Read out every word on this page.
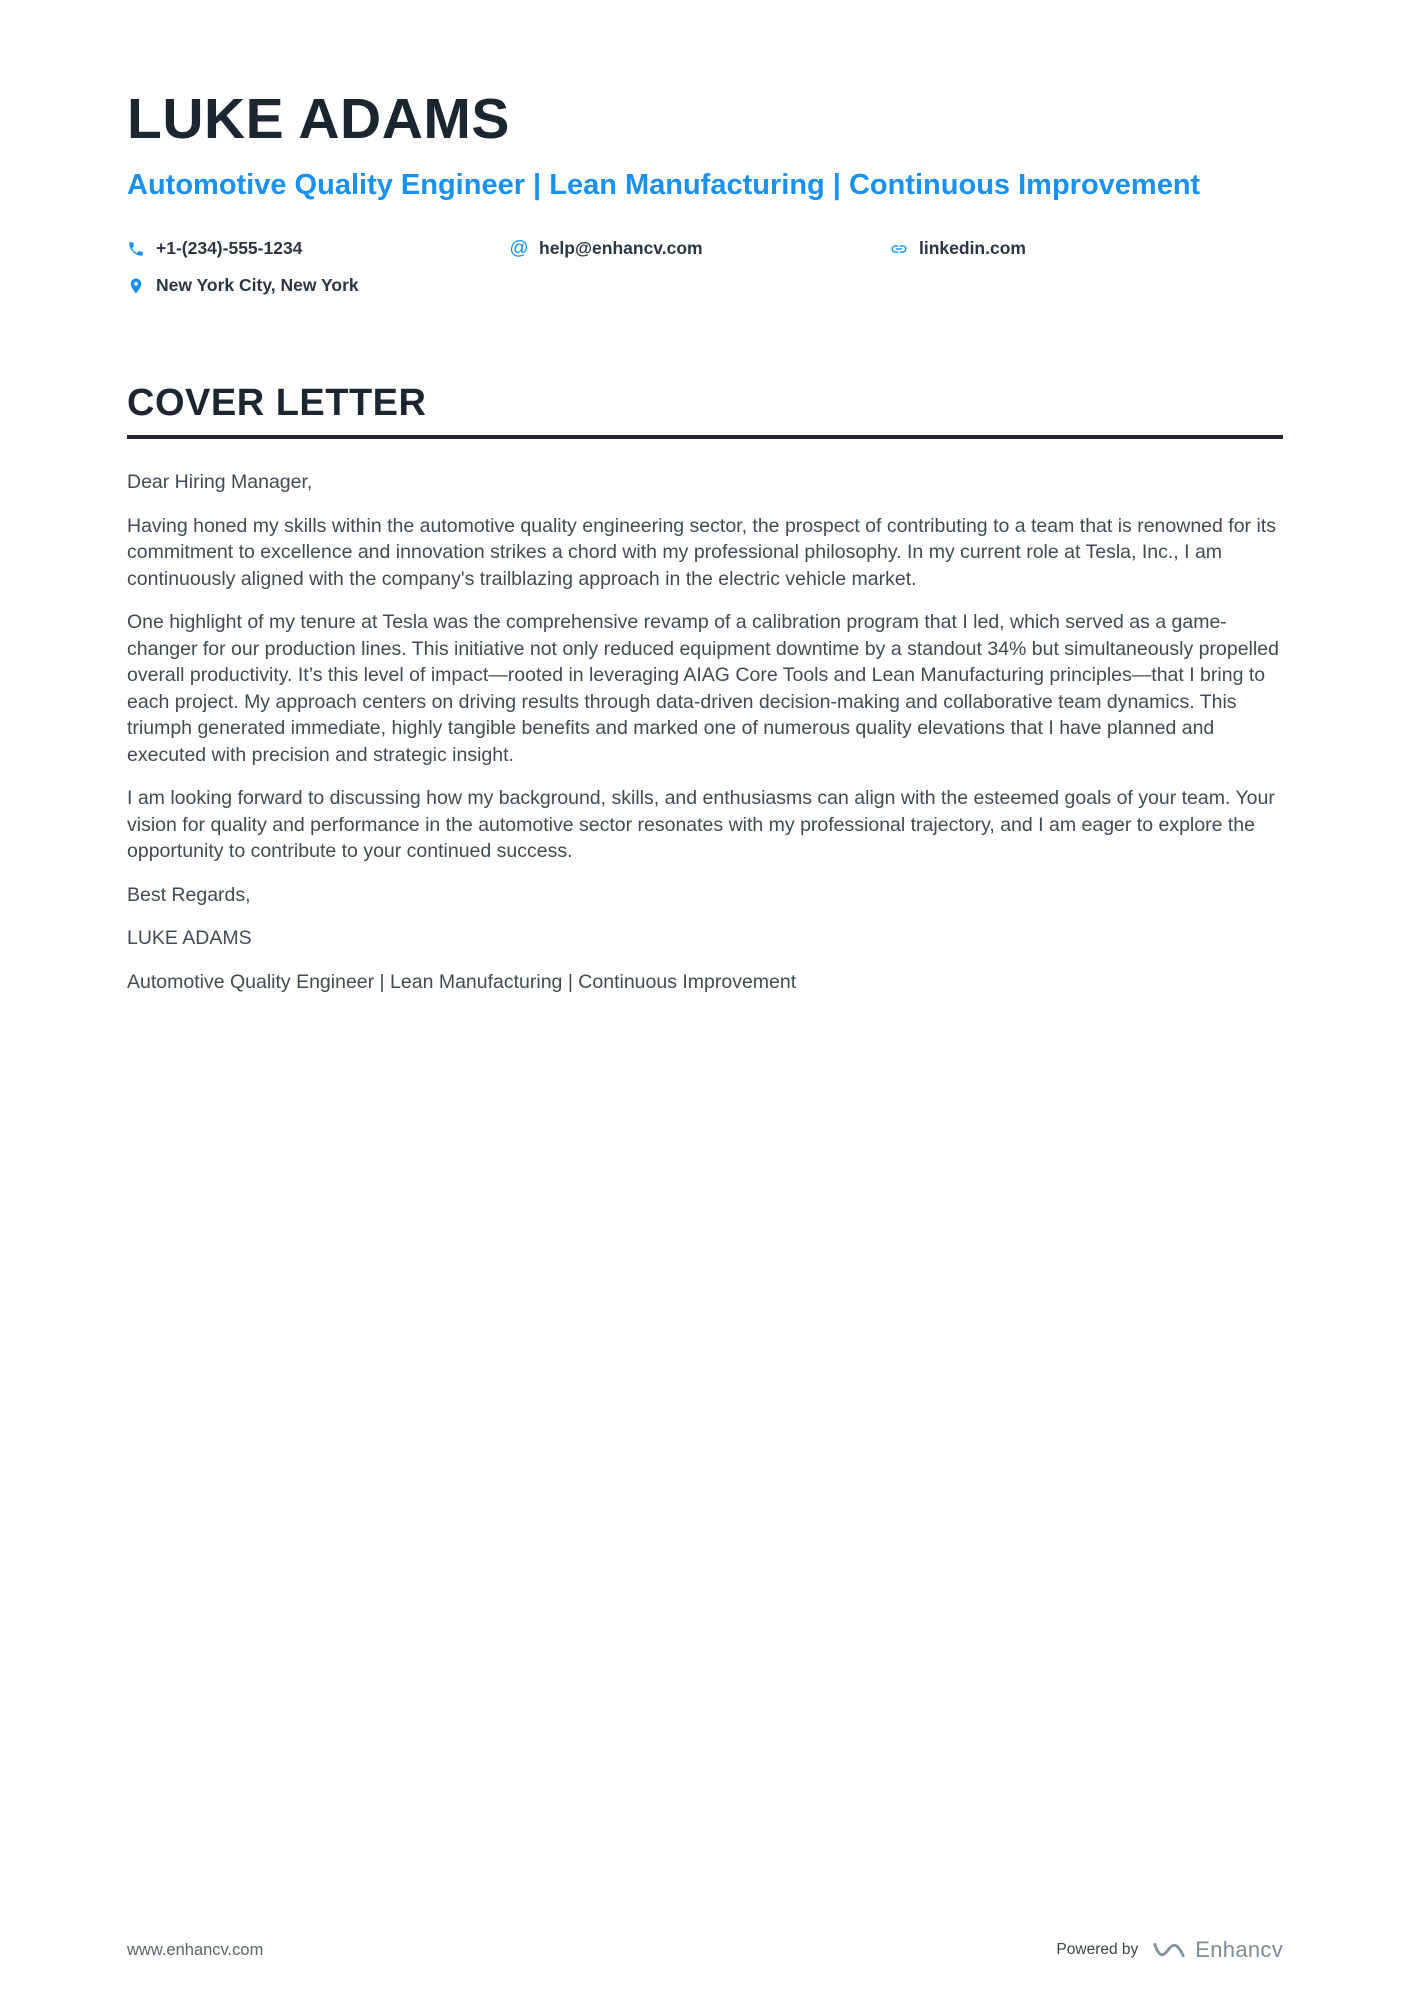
LUKE ADAMS
Automotive Quality Engineer | Lean Manufacturing | Continuous Improvement
+1-(234)-555-1234	@ help@enhancv.com	linkedin.com
New York City, New York
COVER LETTER

Dear Hiring Manager,

Having honed my skills within the automotive quality engineering sector, the prospect of contributing to a team that is renowned for its commitment to excellence and innovation strikes a chord with my professional philosophy. In my current role at Tesla, Inc., I am continuously aligned with the company's trailblazing approach in the electric vehicle market.

One highlight of my tenure at Tesla was the comprehensive revamp of a calibration program that I led, which served as a game-changer for our production lines. This initiative not only reduced equipment downtime by a standout 34% but simultaneously propelled overall productivity. It’s this level of impact—rooted in leveraging AIAG Core Tools and Lean Manufacturing principles—that I bring to each project. My approach centers on driving results through data-driven decision-making and collaborative team dynamics. This triumph generated immediate, highly tangible benefits and marked one of numerous quality elevations that I have planned and executed with precision and strategic insight.

I am looking forward to discussing how my background, skills, and enthusiasms can align with the esteemed goals of your team. Your vision for quality and performance in the automotive sector resonates with my professional trajectory, and I am eager to explore the opportunity to contribute to your continued success.

Best Regards,

LUKE ADAMS

Automotive Quality Engineer | Lean Manufacturing | Continuous Improvement

www.enhancv.com	Powered by	Enhancv
